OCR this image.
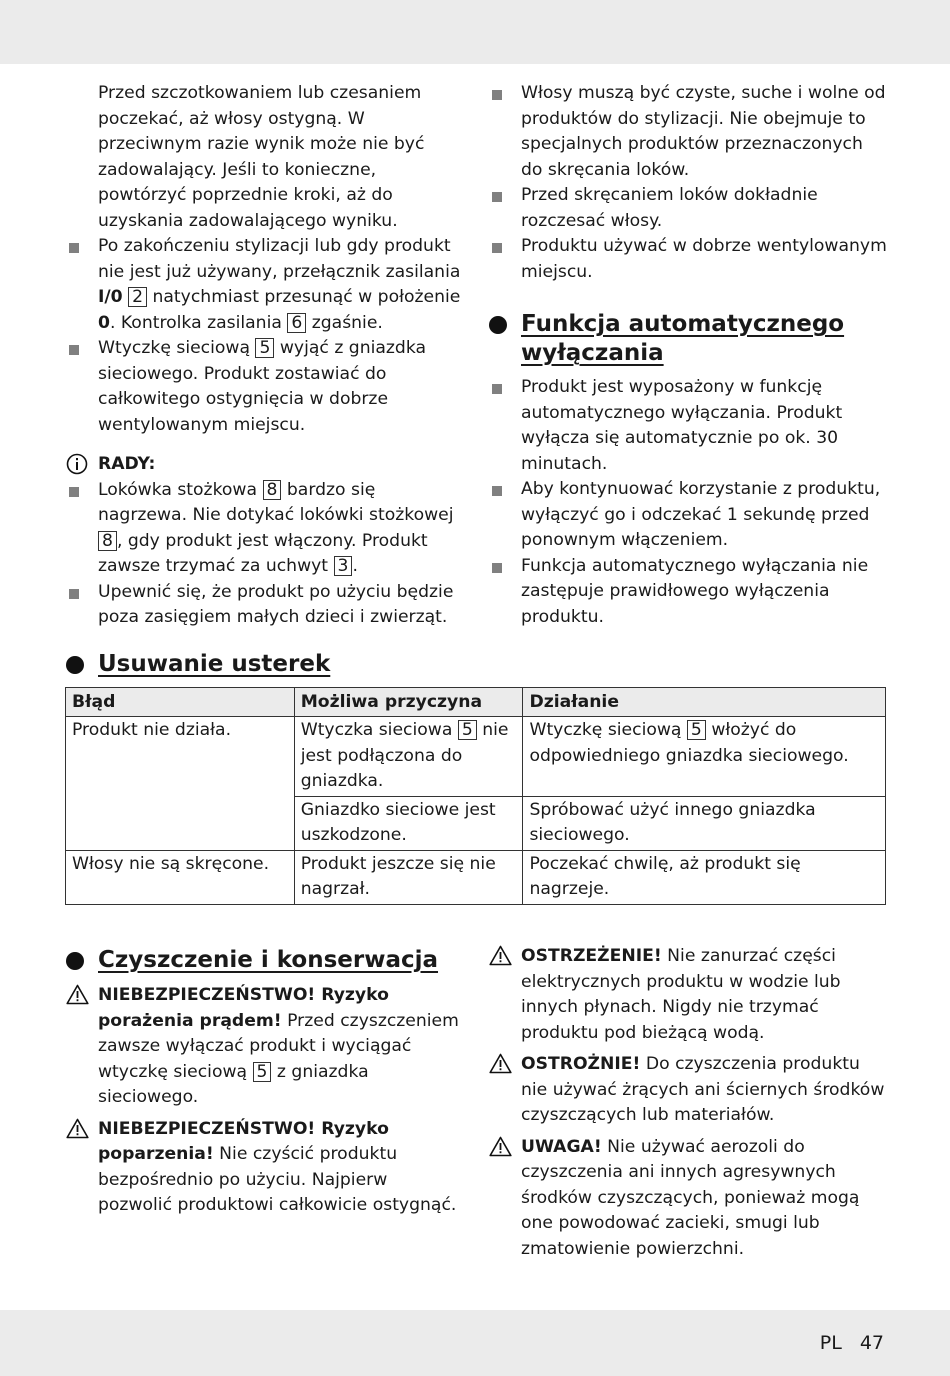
Przed szczotkowaniem lub czesaniem poczekać, aż włosy ostygną. W przeciwnym razie wynik może nie być zadowalający. Jeśli to konieczne, powtórzyć poprzednie kroki, aż do uzyskania zadowalającego wyniku.
Po zakończeniu stylizacji lub gdy produkt nie jest już używany, przełącznik zasilania I/0 2 natychmiast przesunąć w położenie 0. Kontrolka zasilania 6 zgaśnie.
Wtyczkę sieciową 5 wyjąć z gniazdka sieciowego. Produkt zostawiać do całkowitego ostygnięcia w dobrze wentylowanym miejscu.
RADY:
Lokówka stożkowa 8 bardzo się nagrzewa. Nie dotykać lokówki stożkowej 8 , gdy produkt jest włączony. Produkt zawsze trzymać za uchwyt 3 .
Upewnić się, że produkt po użyciu będzie poza zasięgiem małych dzieci i zwierząt.
Włosy muszą być czyste, suche i wolne od produktów do stylizacji. Nie obejmuje to specjalnych produktów przeznaczonych do skręcania loków.
Przed skręcaniem loków dokładnie rozczesać włosy.
Produktu używać w dobrze wentylowanym miejscu.
Funkcja automatycznego wyłączania
Produkt jest wyposażony w funkcję automatycznego wyłączania. Produkt wyłącza się automatycznie po ok. 30 minutach.
Aby kontynuować korzystanie z produktu, wyłączyć go i odczekać 1 sekundę przed ponownym włączeniem.
Funkcja automatycznego wyłączania nie zastępuje prawidłowego wyłączenia produktu.
Usuwanie usterek
Błąd	Możliwa przyczyna	Działanie
Produkt nie działa.	Wtyczka sieciowa 5 nie jest podłączona do gniazdka.	Wtyczkę sieciową 5 włożyć do odpowiedniego gniazdka sieciowego.
	Gniazdko sieciowe jest uszkodzone.	Spróbować użyć innego gniazdka sieciowego.
Włosy nie są skręcone.	Produkt jeszcze się nie nagrzał.	Poczekać chwilę, aż produkt się nagrzeje.
Czyszczenie i konserwacja
NIEBEZPIECZEŃSTWO! Ryzyko porażenia prądem! Przed czyszczeniem zawsze wyłączać produkt i wyciągać wtyczkę sieciową 5 z gniazdka sieciowego.
NIEBEZPIECZEŃSTWO! Ryzyko poparzenia! Nie czyścić produktu bezpośrednio po użyciu. Najpierw pozwolić produktowi całkowicie ostygnąć.
OSTRZEŻENIE! Nie zanurzać części elektrycznych produktu w wodzie lub innych płynach. Nigdy nie trzymać produktu pod bieżącą wodą.
OSTROŻNIE! Do czyszczenia produktu nie używać żrących ani ściernych środków czyszczących lub materiałów.
UWAGA! Nie używać aerozoli do czyszczenia ani innych agresywnych środków czyszczących, ponieważ mogą one powodować zacieki, smugi lub zmatowienie powierzchni.
PL 47
